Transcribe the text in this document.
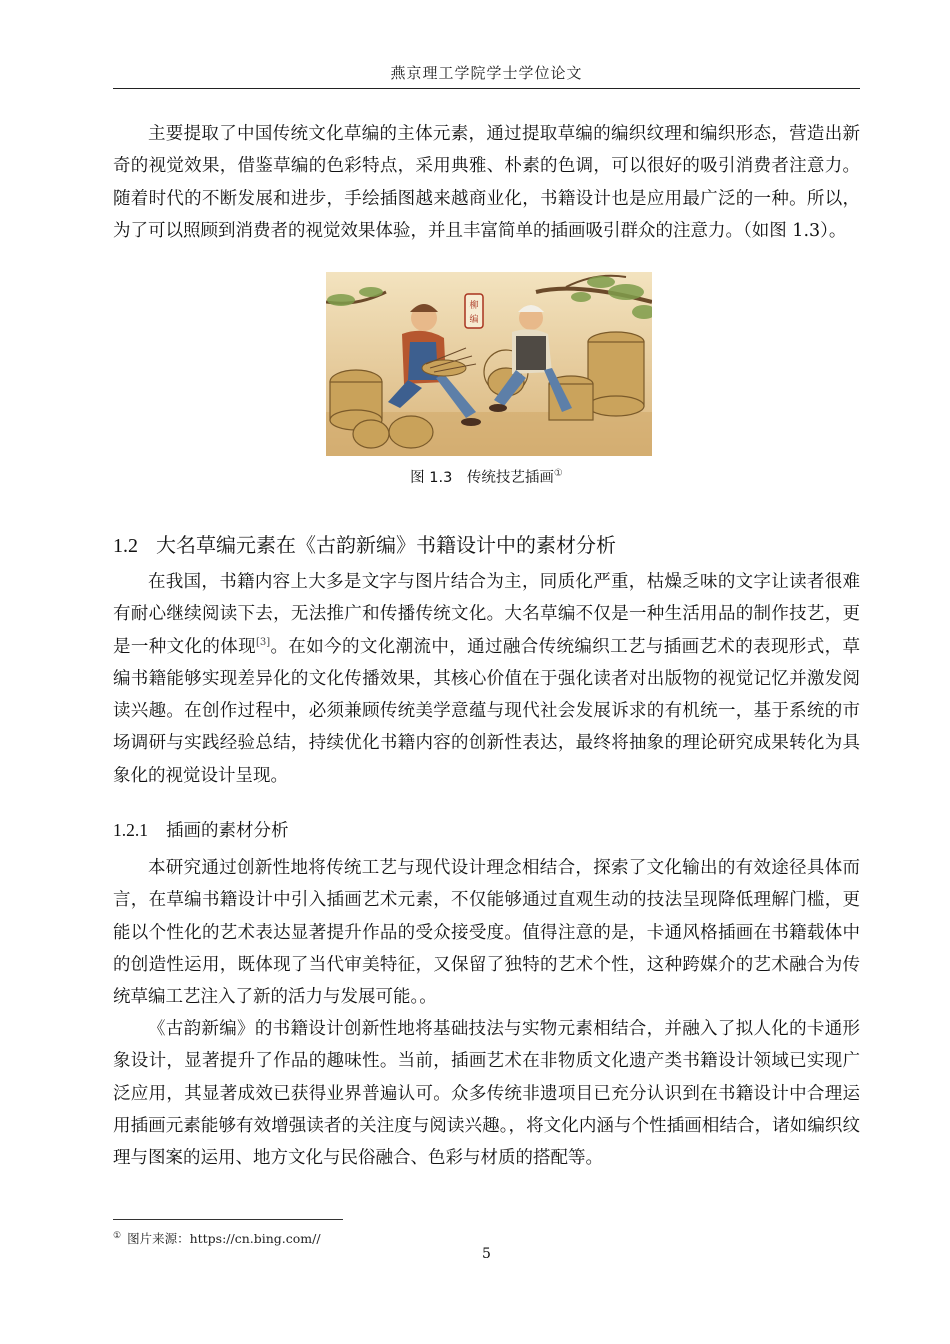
燕京理工学院学士学位论文

主要提取了中国传统文化草编的主体元素，通过提取草编的编织纹理和编织形态，营造出新奇的视觉效果，借鉴草编的色彩特点，采用典雅、朴素的色调，可以很好的吸引消费者注意力。随着时代的不断发展和进步，手绘插图越来越商业化，书籍设计也是应用最广泛的一种。所以，为了可以照顾到消费者的视觉效果体验，并且丰富简单的插画吸引群众的注意力。（如图 1.3）。

柳
编
图 1.3　传统技艺插画①
1.2 大名草编元素在《古韵新编》书籍设计中的素材分析

在我国，书籍内容上大多是文字与图片结合为主，同质化严重，枯燥乏味的文字让读者很难有耐心继续阅读下去，无法推广和传播传统文化。大名草编不仅是一种生活用品的制作技艺，更是一种文化的体现[3]。在如今的文化潮流中，通过融合传统编织工艺与插画艺术的表现形式，草编书籍能够实现差异化的文化传播效果，其核心价值在于强化读者对出版物的视觉记忆并激发阅读兴趣。在创作过程中，必须兼顾传统美学意蕴与现代社会发展诉求的有机统一，基于系统的市场调研与实践经验总结，持续优化书籍内容的创新性表达，最终将抽象的理论研究成果转化为具象化的视觉设计呈现。

1.2.1 插画的素材分析

本研究通过创新性地将传统工艺与现代设计理念相结合，探索了文化输出的有效途径具体而言，在草编书籍设计中引入插画艺术元素，不仅能够通过直观生动的技法呈现降低理解门槛，更能以个性化的艺术表达显著提升作品的受众接受度。值得注意的是，卡通风格插画在书籍载体中的创造性运用，既体现了当代审美特征，又保留了独特的艺术个性，这种跨媒介的艺术融合为传统草编工艺注入了新的活力与发展可能。。

《古韵新编》的书籍设计创新性地将基础技法与实物元素相结合，并融入了拟人化的卡通形象设计，显著提升了作品的趣味性。当前，插画艺术在非物质文化遗产类书籍设计领域已实现广泛应用，其显著成效已获得业界普遍认可。众多传统非遗项目已充分认识到在书籍设计中合理运用插画元素能够有效增强读者的关注度与阅读兴趣。，将文化内涵与个性插画相结合，诸如编织纹理与图案的运用、地方文化与民俗融合、色彩与材质的搭配等。

① 图片来源：https://cn.bing.com//
5
